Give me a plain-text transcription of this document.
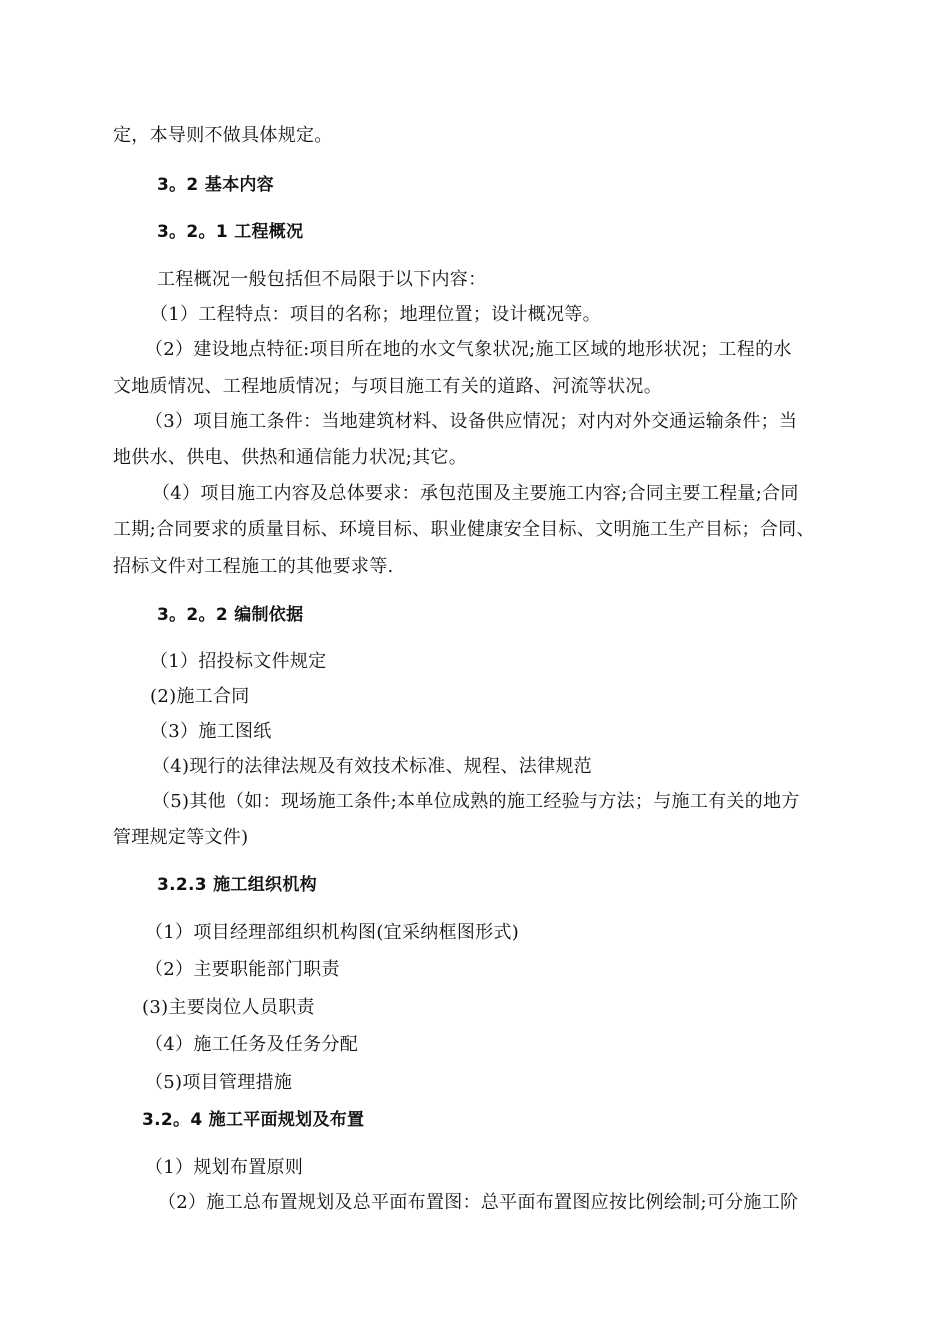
定，本导则不做具体规定。
3。2 基本内容
3。2。1 工程概况
工程概况一般包括但不局限于以下内容：
（1）工程特点：项目的名称；地理位置；设计概况等。
（2）建设地点特征:项目所在地的水文气象状况;施工区域的地形状况；工程的水
文地质情况、工程地质情况；与项目施工有关的道路、河流等状况。
（3）项目施工条件：当地建筑材料、设备供应情况；对内对外交通运输条件；当
地供水、供电、供热和通信能力状况;其它。
（4）项目施工内容及总体要求：承包范围及主要施工内容;合同主要工程量;合同
工期;合同要求的质量目标、环境目标、职业健康安全目标、文明施工生产目标；合同、
招标文件对工程施工的其他要求等.
3。2。2 编制依据
（1）招投标文件规定
(2)施工合同
（3）施工图纸
（4)现行的法律法规及有效技术标准、规程、法律规范
（5)其他（如：现场施工条件;本单位成熟的施工经验与方法；与施工有关的地方
管理规定等文件)
3.2.3 施工组织机构
（1）项目经理部组织机构图(宜采纳框图形式)
（2）主要职能部门职责
(3)主要岗位人员职责
（4）施工任务及任务分配
（5)项目管理措施
3.2。4 施工平面规划及布置
（1）规划布置原则
（2）施工总布置规划及总平面布置图：总平面布置图应按比例绘制;可分施工阶
